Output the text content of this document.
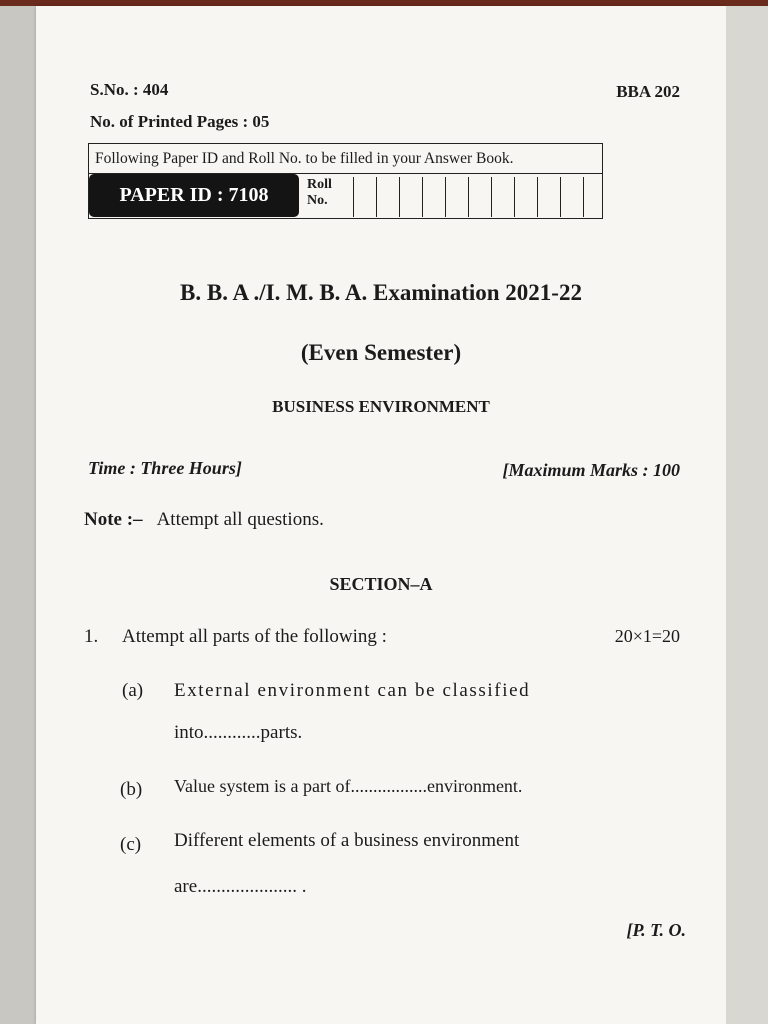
S.No. : 404	BBA 202
No. of Printed Pages : 05
Following Paper ID and Roll No. to be filled in your Answer Book.
PAPER ID : 7108	Roll
No.
B. B. A ./I. M. B. A. Examination 2021-22
(Even Semester)
BUSINESS ENVIRONMENT
Time : Three Hours]	[Maximum Marks : 100
Note :– Attempt all questions.
SECTION–A
1. Attempt all parts of the following :	20×1=20
(a) External environment can be classified
into............parts.
(b) Value system is a part of.................environment.
(c) Different elements of a business environment
are..................... .
[P. T. O.
